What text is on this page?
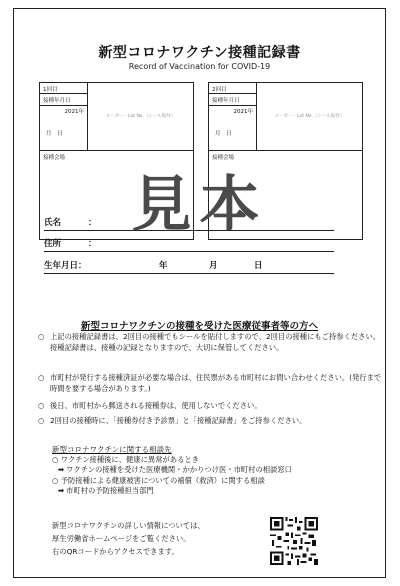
新型コロナワクチン接種記録書
Record of Vaccination for COVID-19
1回目
接種年月日
2021年
月　日
メーカー・Lot No.（シール貼付）
接種会場
2回目
接種年月日
2021年
月　日
メーカー・Lot No.（シール貼付）
接種会場
見本
氏名	：
住所	：
生年月日：	年	月	日
新型コロナワクチンの接種を受けた医療従事者等の方へ
○ 上記の接種記録書は、2回目の接種でもシールを貼付しますので、2回目の接種にもご持参ください。接種記録書は、接種の記録となりますので、大切に保管してください。
○ 市町村が発行する接種済証が必要な場合は、住民票がある市町村にお問い合わせください。(発行まで時間を要する場合があります。)
○ 後日、市町村から郵送される接種券は、使用しないでください。
○ 2回目の接種時に、「接種券付き予診票」と「接種記録書」をご持参ください。
新型コロナワクチンに関する相談先
○ ワクチン接種後に、健康に異常があるとき
➡ ワクチンの接種を受けた医療機関・かかりつけ医・市町村の相談窓口
○ 予防接種による健康被害についての補償（救済）に関する相談
➡ 市町村の予防接種担当部門
新型コロナワクチンの詳しい情報については、
厚生労働省ホームページをご覧ください。
右のQRコードからアクセスできます。
